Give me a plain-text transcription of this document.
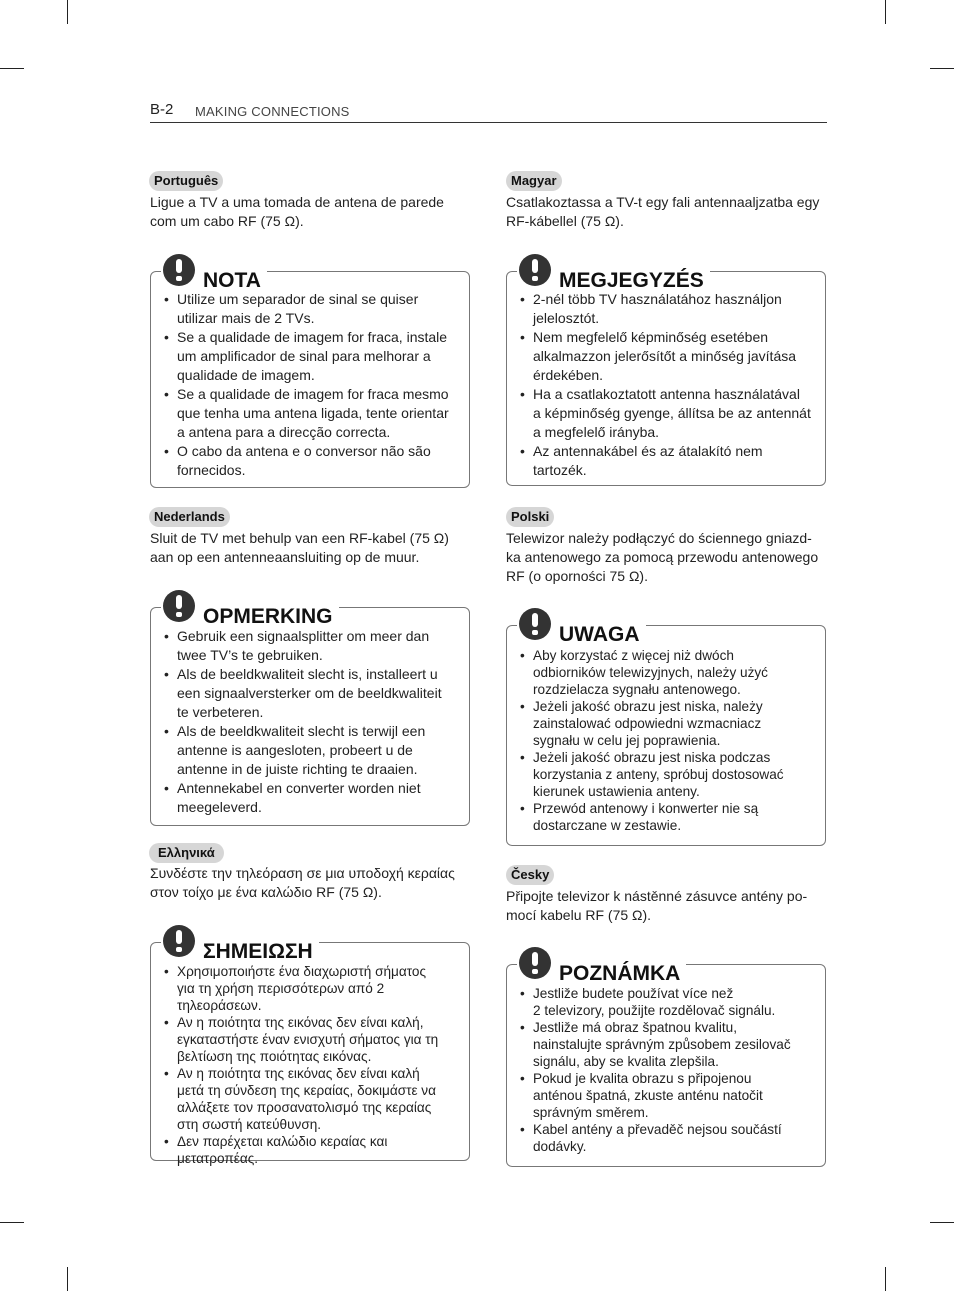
B-2 MAKING CONNECTIONS
Português
Ligue a TV a uma tomada de antena de parede
com um cabo RF (75 Ω).
NOTA
• Utilize um separador de sinal se quiser
utilizar mais de 2 TVs.
• Se a qualidade de imagem for fraca, instale
um amplificador de sinal para melhorar a
qualidade de imagem.
• Se a qualidade de imagem for fraca mesmo
que tenha uma antena ligada, tente orientar
a antena para a direcção correcta.
• O cabo da antena e o conversor não são
fornecidos.
Nederlands
Sluit de TV met behulp van een RF-kabel (75 Ω)
aan op een antenneaansluiting op de muur.
OPMERKING
• Gebruik een signaalsplitter om meer dan
twee TV’s te gebruiken.
• Als de beeldkwaliteit slecht is, installeert u
een signaalversterker om de beeldkwaliteit
te verbeteren.
• Als de beeldkwaliteit slecht is terwijl een
antenne is aangesloten, probeert u de
antenne in de juiste richting te draaien.
• Antennekabel en converter worden niet
meegeleverd.
Ελληνικά
Συνδέστε την τηλεόραση σε μια υποδοχή κεραίας
στον τοίχο με ένα καλώδιο RF (75 Ω).
ΣΗΜΕΙΩΣΗ
• Χρησιμοποιήστε ένα διαχωριστή σήματος
για τη χρήση περισσότερων από 2
τηλεοράσεων.
• Αν η ποιότητα της εικόνας δεν είναι καλή,
εγκαταστήστε έναν ενισχυτή σήματος για τη
βελτίωση της ποιότητας εικόνας.
• Αν η ποιότητα της εικόνας δεν είναι καλή
μετά τη σύνδεση της κεραίας, δοκιμάστε να
αλλάξετε τον προσανατολισμό της κεραίας
στη σωστή κατεύθυνση.
• Δεν παρέχεται καλώδιο κεραίας και
μετατροπέας.
Magyar
Csatlakoztassa a TV-t egy fali antennaaljzatba egy
RF-kábellel (75 Ω).
MEGJEGYZÉS
• 2-nél több TV használatához használjon
jelelosztót.
• Nem megfelelő képminőség esetében
alkalmazzon jelerősítőt a minőség javítása
érdekében.
• Ha a csatlakoztatott antenna használatával
a képminőség gyenge, állítsa be az antennát
a megfelelő irányba.
• Az antennakábel és az átalakító nem
tartozék.
Polski
Telewizor należy podłączyć do ściennego gniazd-
ka antenowego za pomocą przewodu antenowego
RF (o oporności 75 Ω).
UWAGA
• Aby korzystać z więcej niż dwóch
odbiorników telewizyjnych, należy użyć
rozdzielacza sygnału antenowego.
• Jeżeli jakość obrazu jest niska, należy
zainstalować odpowiedni wzmacniacz
sygnału w celu jej poprawienia.
• Jeżeli jakość obrazu jest niska podczas
korzystania z anteny, spróbuj dostosować
kierunek ustawienia anteny.
• Przewód antenowy i konwerter nie są
dostarczane w zestawie.
Česky
Připojte televizor k nástěnné zásuvce antény po-
mocí kabelu RF (75 Ω).
POZNÁMKA
• Jestliže budete používat více než
2 televizory, použijte rozdělovač signálu.
• Jestliže má obraz špatnou kvalitu,
nainstalujte správným způsobem zesilovač
signálu, aby se kvalita zlepšila.
• Pokud je kvalita obrazu s připojenou
anténou špatná, zkuste anténu natočit
správným směrem.
• Kabel antény a převaděč nejsou součástí
dodávky.
